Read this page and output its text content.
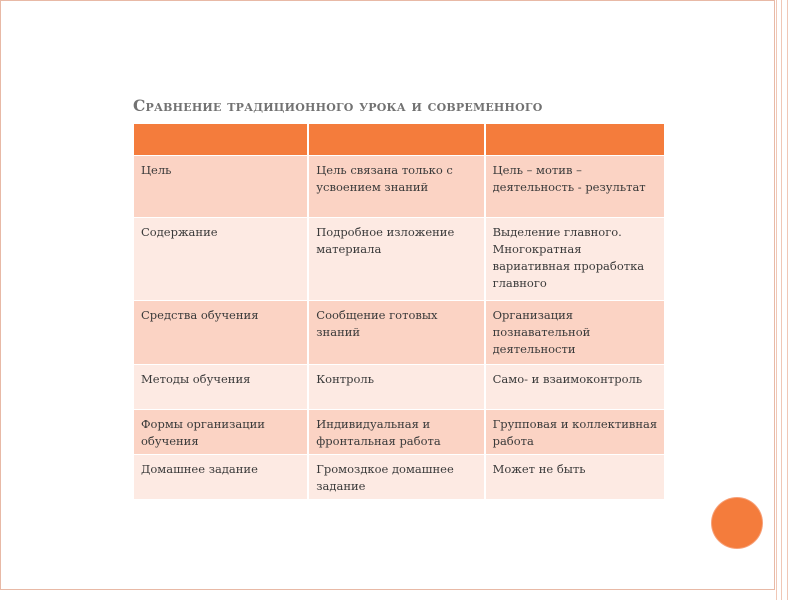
Сравнение традиционного урока и современного

Цель	Цель связана только с усвоением знаний	Цель – мотив – деятельность - результат
Содержание	Подробное изложение материала	Выделение главного. Многократная вариативная проработка главного
Средства обучения	Сообщение готовых знаний	Организация познавательной деятельности
Методы обучения	Контроль	Само- и взаимоконтроль
Формы организации обучения	Индивидуальная и фронтальная работа	Групповая и коллективная работа
Домашнее задание	Громоздкое домашнее задание	Может не быть
